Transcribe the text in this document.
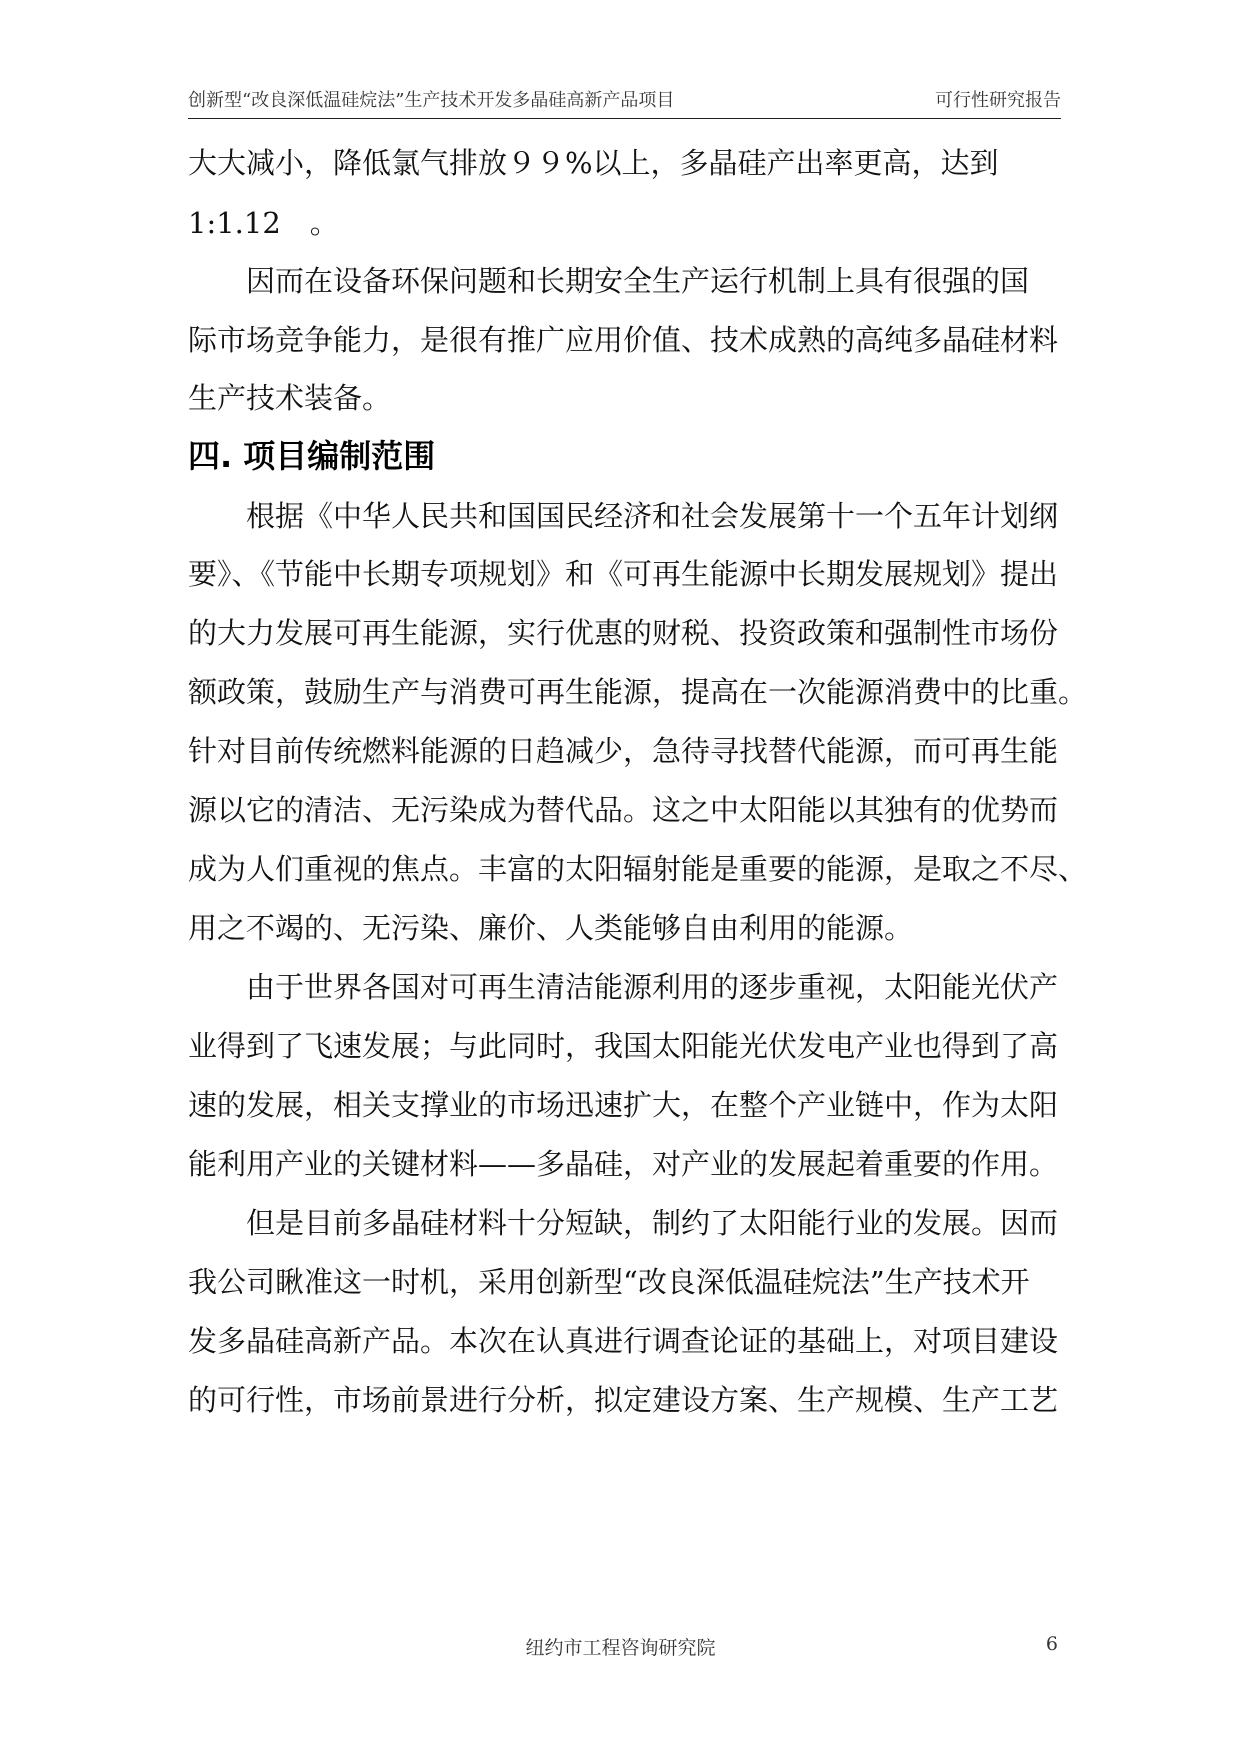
创新型“改良深低温硅烷法”生产技术开发多晶硅高新产品项目	可行性研究报告
大大减小，降低氯气排放９９%以上，多晶硅产出率更高，达到
1:1.12　。
　　因而在设备环保问题和长期安全生产运行机制上具有很强的国
际市场竞争能力，是很有推广应用价值、技术成熟的高纯多晶硅材料
生产技术装备。
四. 项目编制范围
　　根据《中华人民共和国国民经济和社会发展第十一个五年计划纲
要》、《节能中长期专项规划》和《可再生能源中长期发展规划》提出
的大力发展可再生能源，实行优惠的财税、投资政策和强制性市场份
额政策，鼓励生产与消费可再生能源，提高在一次能源消费中的比重。
针对目前传统燃料能源的日趋减少，急待寻找替代能源，而可再生能
源以它的清洁、无污染成为替代品。这之中太阳能以其独有的优势而
成为人们重视的焦点。丰富的太阳辐射能是重要的能源，是取之不尽、
用之不竭的、无污染、廉价、人类能够自由利用的能源。
　　由于世界各国对可再生清洁能源利用的逐步重视，太阳能光伏产
业得到了飞速发展；与此同时，我国太阳能光伏发电产业也得到了高
速的发展，相关支撑业的市场迅速扩大，在整个产业链中，作为太阳
能利用产业的关键材料——多晶硅，对产业的发展起着重要的作用。
　　但是目前多晶硅材料十分短缺，制约了太阳能行业的发展。因而
我公司瞅准这一时机，采用创新型“改良深低温硅烷法”生产技术开
发多晶硅高新产品。本次在认真进行调查论证的基础上，对项目建设
的可行性，市场前景进行分析，拟定建设方案、生产规模、生产工艺
纽约市工程咨询研究院	6
